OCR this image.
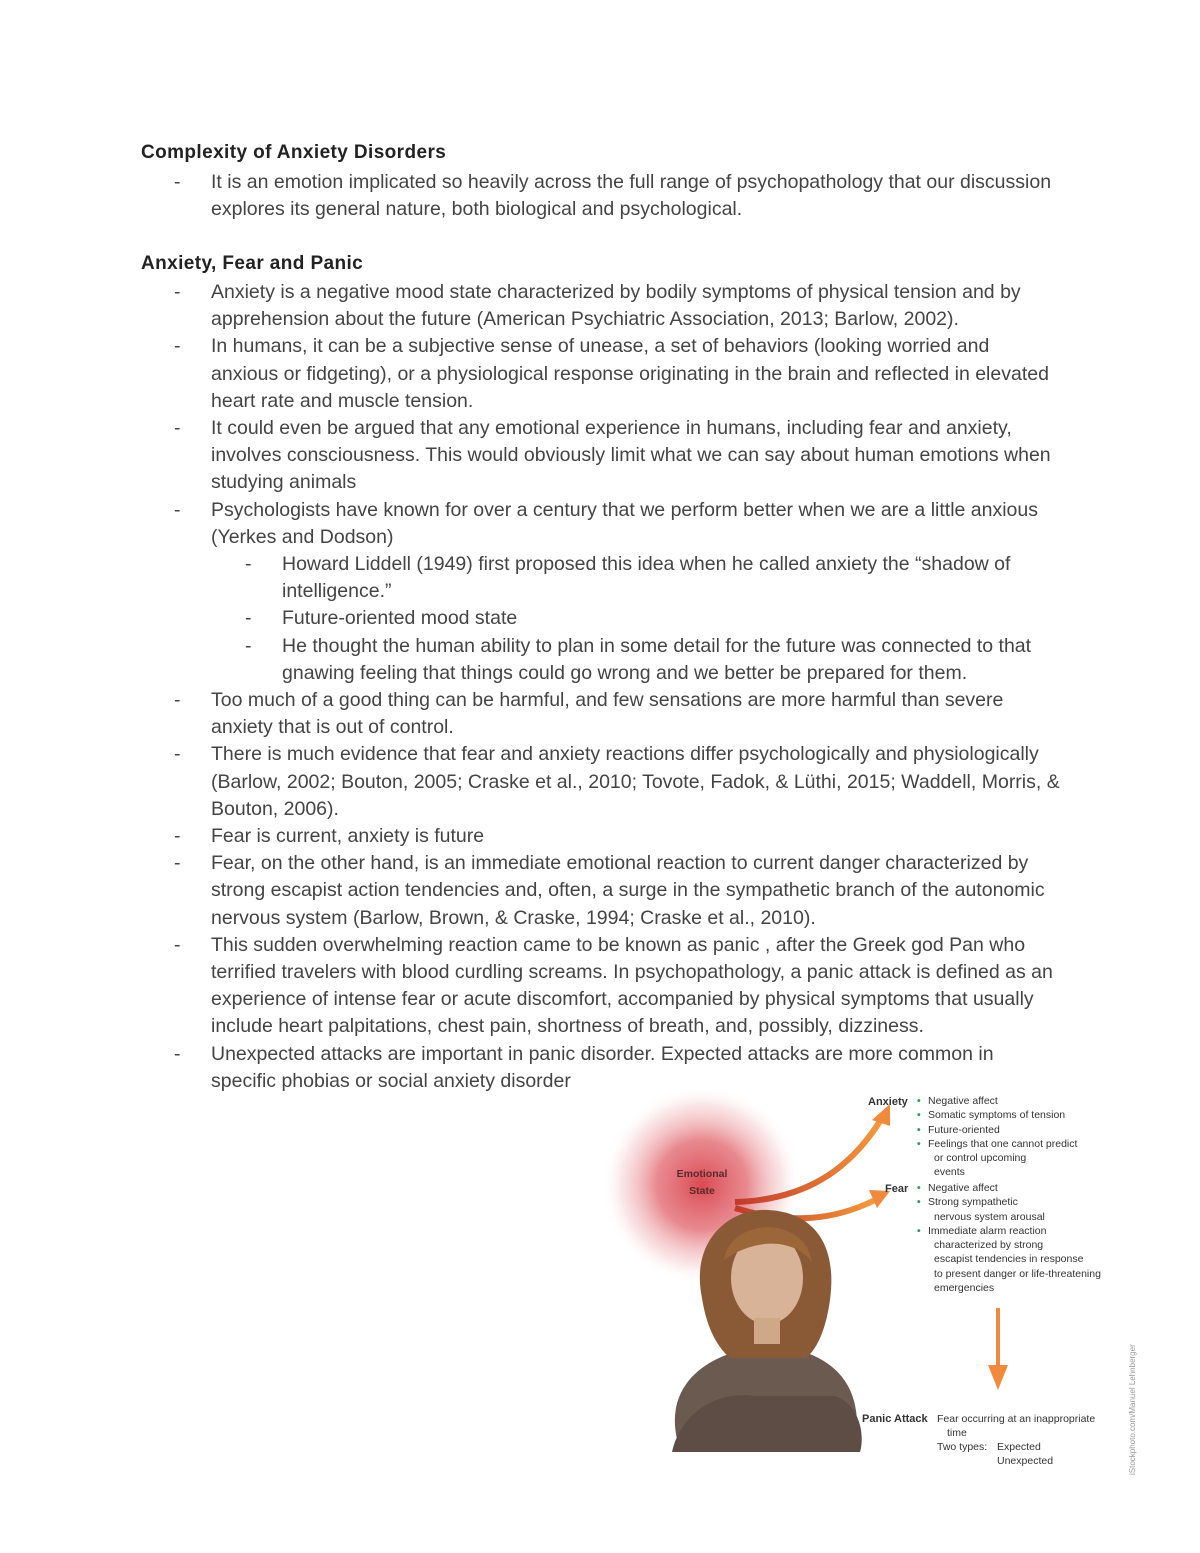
Complexity of Anxiety Disorders
- It is an emotion implicated so heavily across the full range of psychopathology that our discussion explores its general nature, both biological and psychological.
Anxiety, Fear and Panic
- Anxiety is a negative mood state characterized by bodily symptoms of physical tension and by apprehension about the future (American Psychiatric Association, 2013; Barlow, 2002).
- In humans, it can be a subjective sense of unease, a set of behaviors (looking worried and anxious or fidgeting), or a physiological response originating in the brain and reflected in elevated heart rate and muscle tension.
- It could even be argued that any emotional experience in humans, including fear and anxiety, involves consciousness. This would obviously limit what we can say about human emotions when studying animals
- Psychologists have known for over a century that we perform better when we are a little anxious (Yerkes and Dodson)
- Howard Liddell (1949) first proposed this idea when he called anxiety the “shadow of intelligence.”
- Future-oriented mood state
- He thought the human ability to plan in some detail for the future was connected to that gnawing feeling that things could go wrong and we better be prepared for them.
- Too much of a good thing can be harmful, and few sensations are more harmful than severe anxiety that is out of control.
- There is much evidence that fear and anxiety reactions differ psychologically and physiologically (Barlow, 2002; Bouton, 2005; Craske et al., 2010; Tovote, Fadok, & Lüthi, 2015; Waddell, Morris, & Bouton, 2006).
- Fear is current, anxiety is future
- Fear, on the other hand, is an immediate emotional reaction to current danger characterized by strong escapist action tendencies and, often, a surge in the sympathetic branch of the autonomic nervous system (Barlow, Brown, & Craske, 1994; Craske et al., 2010).
- This sudden overwhelming reaction came to be known as panic , after the Greek god Pan who terrified travelers with blood curdling screams. In psychopathology, a panic attack is defined as an experience of intense fear or acute discomfort, accompanied by physical symptoms that usually include heart palpitations, chest pain, shortness of breath, and, possibly, dizziness.
- Unexpected attacks are important in panic disorder. Expected attacks are more common in specific phobias or social anxiety disorder
Emotional
State
Anxiety • Negative affect
• Somatic symptoms of tension
• Future-oriented
• Feelings that one cannot predict
or control upcoming
events
Fear • Negative affect
• Strong sympathetic
nervous system arousal
• Immediate alarm reaction
characterized by strong
escapist tendencies in response
to present danger or life-threatening
emergencies
Panic Attack Fear occurring at an inappropriate
time
Two types: Expected
Unexpected	iStockphoto.com/Manuel Lehnberger
